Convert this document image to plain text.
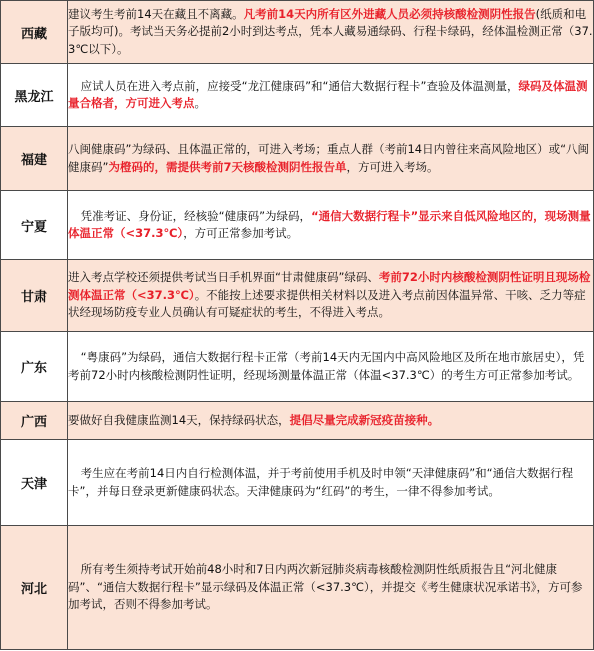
西藏	建议考生考前14天在藏且不离藏。凡考前14天内所有区外进藏人员必须持核酸检测阴性报告(纸质和电子版均可)。考试当天务必提前2小时到达考点，凭本人藏易通绿码、行程卡绿码，经体温检测正常（37.3℃以下）。
黑龙江	应试人员在进入考点前，应接受“龙江健康码”和“通信大数据行程卡”查验及体温测量，绿码及体温测量合格者，方可进入考点。

福建	八闽健康码”为绿码、且体温正常的，可进入考场；重点人群（考前14日内曾往来高风险地区）或“八闽健康码”为橙码的，需提供考前7天核酸检测阴性报告单，方可进入考场。
宁夏	凭准考证、身份证，经核验“健康码”为绿码，“通信大数据行程卡”显示来自低风险地区的，现场测量体温正常（<37.3℃），方可正常参加考试。

甘肃	进入考点学校还须提供考试当日手机界面“甘肃健康码”绿码、考前72小时内核酸检测阴性证明且现场检测体温正常（<37.3℃）。不能按上述要求提供相关材料以及进入考点前因体温异常、干咳、乏力等症状经现场防疫专业人员确认有可疑症状的考生，不得进入考点。
广东	“粤康码”为绿码，通信大数据行程卡正常（考前14天内无国内中高风险地区及所在地市旅居史），凭考前72小时内核酸检测阴性证明，经现场测量体温正常（体温<37.3℃）的考生方可正常参加考试。

广西	要做好自我健康监测14天，保持绿码状态，提倡尽量完成新冠疫苗接种。
天津	考生应在考前14日内自行检测体温，并于考前使用手机及时申领“天津健康码”和“通信大数据行程卡”，并每日登录更新健康码状态。天津健康码为“红码”的考生，一律不得参加考试。

河北	所有考生须持考试开始前48小时和7日内两次新冠肺炎病毒核酸检测阴性纸质报告且“河北健康码”、“通信大数据行程卡”显示绿码及体温正常（<37.3℃），并提交《考生健康状况承诺书》，方可参加考试，否则不得参加考试。
